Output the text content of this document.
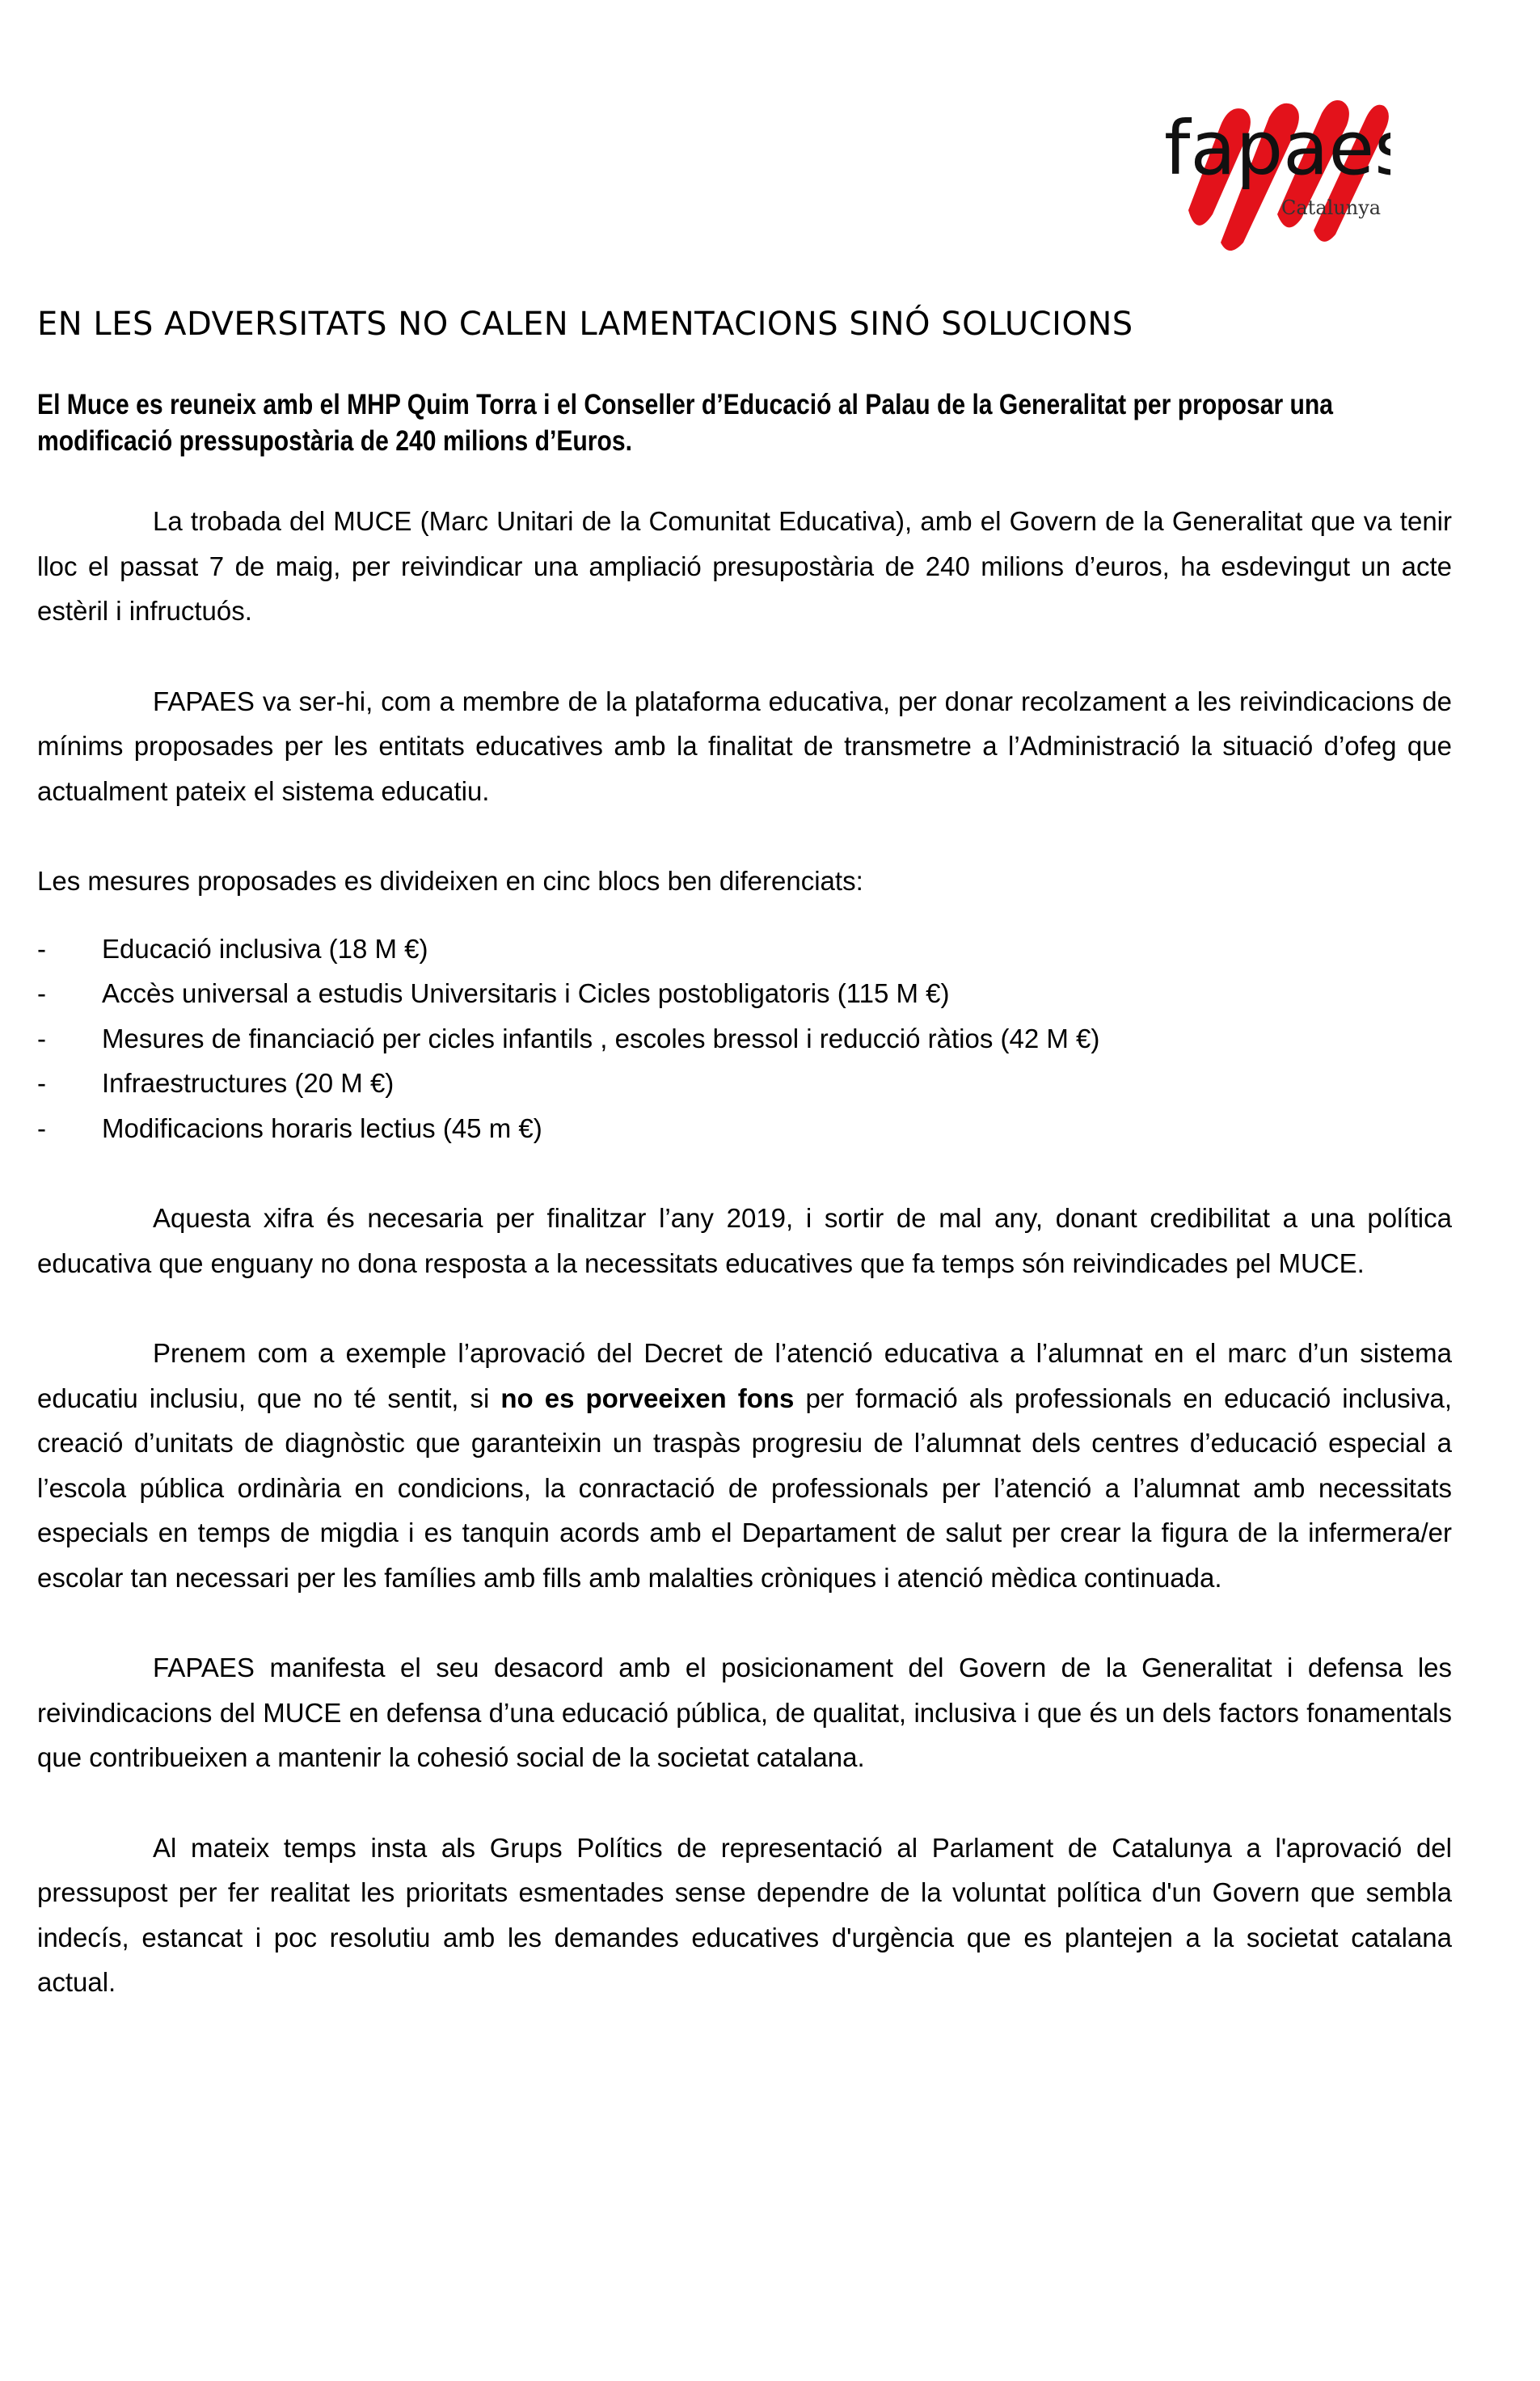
fapaes
Catalunya
EN LES ADVERSITATS NO CALEN LAMENTACIONS SINÓ SOLUCIONS
El Muce es reuneix amb el MHP Quim Torra i el Conseller d’Educació al Palau de la Generalitat per proposar una modificació pressupostària de 240 milions d’Euros.

La trobada del MUCE (Marc Unitari de la Comunitat Educativa), amb el Govern de la Generalitat que va tenir lloc el passat 7 de maig, per reivindicar una ampliació presupostària de 240 milions d’euros, ha esdevingut un acte estèril i infructuós.

FAPAES va ser-hi, com a membre de la plataforma educativa, per donar recolzament a les reivindicacions de mínims proposades per les entitats educatives amb la finalitat de transmetre a l’Administració la situació d’ofeg que actualment pateix el sistema educatiu.

Les mesures proposades es divideixen en cinc blocs ben diferenciats:

-	Educació inclusiva (18 M €)
-	Accès universal a estudis Universitaris i Cicles postobligatoris (115 M €)
-	Mesures de financiació per cicles infantils , escoles bressol i reducció ràtios (42 M €)
-	Infraestructures (20 M €)
-	Modificacions horaris lectius (45 m €)

Aquesta xifra és necesaria per finalitzar l’any 2019, i sortir de mal any, donant credibilitat a una política educativa que enguany no dona resposta a la necessitats educatives que fa temps són reivindicades pel MUCE.

Prenem com a exemple l’aprovació del Decret de l’atenció educativa a l’alumnat en el marc d’un sistema educatiu inclusiu, que no té sentit, si no es porveeixen fons per formació als professionals en educació inclusiva, creació d’unitats de diagnòstic que garanteixin un traspàs progresiu de l’alumnat dels centres d’educació especial a l’escola pública ordinària en condicions, la conractació de professionals per l’atenció a l’alumnat amb necessitats especials en temps de migdia i es tanquin acords amb el Departament de salut per crear la figura de la infermera/er escolar tan necessari per les famílies amb fills amb malalties cròniques i atenció mèdica continuada.

FAPAES manifesta el seu desacord amb el posicionament del Govern de la Generalitat i defensa les reivindicacions del MUCE en defensa d’una educació pública, de qualitat, inclusiva i que és un dels factors fonamentals que contribueixen a mantenir la cohesió social de la societat catalana.

Al mateix temps insta als Grups Polítics de representació al Parlament de Catalunya a l'aprovació del pressupost per fer realitat les prioritats esmentades sense dependre de la voluntat política d'un Govern que sembla indecís, estancat i poc resolutiu amb les demandes educatives d'urgència que es plantejen a la societat catalana actual.
